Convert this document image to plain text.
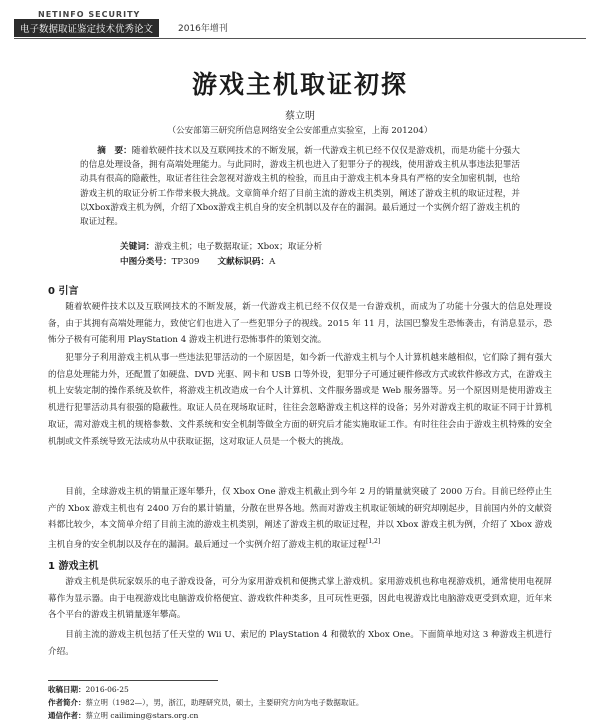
NETINFO SECURITY
电子数据取证鉴定技术优秀论文	2016年增刊
游戏主机取证初探
蔡立明
（公安部第三研究所信息网络安全公安部重点实验室，上海 201204）

摘　要：随着软硬件技术以及互联网技术的不断发展，新一代游戏主机已经不仅仅是游戏机，而是功能十分强大的信息处理设备，拥有高端处理能力。与此同时，游戏主机也进入了犯罪分子的视线，使用游戏主机从事违法犯罪活动具有很高的隐蔽性，取证者往往会忽视对游戏主机的检验，而且由于游戏主机本身具有严格的安全加密机制，也给游戏主机的取证分析工作带来极大挑战。文章简单介绍了目前主流的游戏主机类别，阐述了游戏主机的取证过程，并以Xbox游戏主机为例，介绍了Xbox游戏主机自身的安全机制以及存在的漏洞。最后通过一个实例介绍了游戏主机的取证过程。

关键词：游戏主机；电子数据取证；Xbox；取证分析
中图分类号：TP309 文献标识码：A
0 引言

随着软硬件技术以及互联网技术的不断发展，新一代游戏主机已经不仅仅是一台游戏机，而成为了功能十分强大的信息处理设备，由于其拥有高端处理能力，致使它们也进入了一些犯罪分子的视线。2015 年 11 月，法国巴黎发生恐怖袭击，有消息显示，恐怖分子极有可能利用 PlayStation 4 游戏主机进行恐怖事件的策划交流。

犯罪分子利用游戏主机从事一些违法犯罪活动的一个原因是，如今新一代游戏主机与个人计算机越来越相似，它们除了拥有强大的信息处理能力外，还配置了如硬盘、DVD 光驱、网卡和 USB 口等外设，犯罪分子可通过硬件修改方式或软件修改方式，在游戏主机上安装定制的操作系统及软件，将游戏主机改造成一台个人计算机、文件服务器或是 Web 服务器等。另一个原因则是使用游戏主机进行犯罪活动具有很强的隐蔽性。取证人员在现场取证时，往往会忽略游戏主机这样的设备；另外对游戏主机的取证不同于计算机取证，需对游戏主机的规格参数、文件系统和安全机制等做全方面的研究后才能实施取证工作。有时往往会由于游戏主机特殊的安全机制或文件系统导致无法成功从中获取证据，这对取证人员是一个极大的挑战。

目前，全球游戏主机的销量正逐年攀升，仅 Xbox One 游戏主机截止到今年 2 月的销量就突破了 2000 万台。目前已经停止生产的 Xbox 游戏主机也有 2400 万台的累计销量，分散在世界各地。然而对游戏主机取证领域的研究却刚起步，目前国内外的文献资料都比较少，本文简单介绍了目前主流的游戏主机类别，阐述了游戏主机的取证过程，并以 Xbox 游戏主机为例，介绍了 Xbox 游戏主机自身的安全机制以及存在的漏洞。最后通过一个实例介绍了游戏主机的取证过程[1,2]

1 游戏主机

游戏主机是供玩家娱乐的电子游戏设备，可分为家用游戏机和便携式掌上游戏机。家用游戏机也称电视游戏机，通常使用电视屏幕作为显示器。由于电视游戏比电脑游戏价格便宜、游戏软件种类多，且可玩性更强，因此电视游戏比电脑游戏更受到欢迎，近年来各个平台的游戏主机销量逐年攀高。

目前主流的游戏主机包括了任天堂的 Wii U、索尼的 PlayStation 4 和微软的 Xbox One。下面简单地对这 3 种游戏主机进行介绍。

收稿日期：2016-06-25
作者简介：蔡立明（1982—），男，浙江，助理研究员，硕士，主要研究方向为电子数据取证。
通信作者：蔡立明 cailiming@stars.org.cn
